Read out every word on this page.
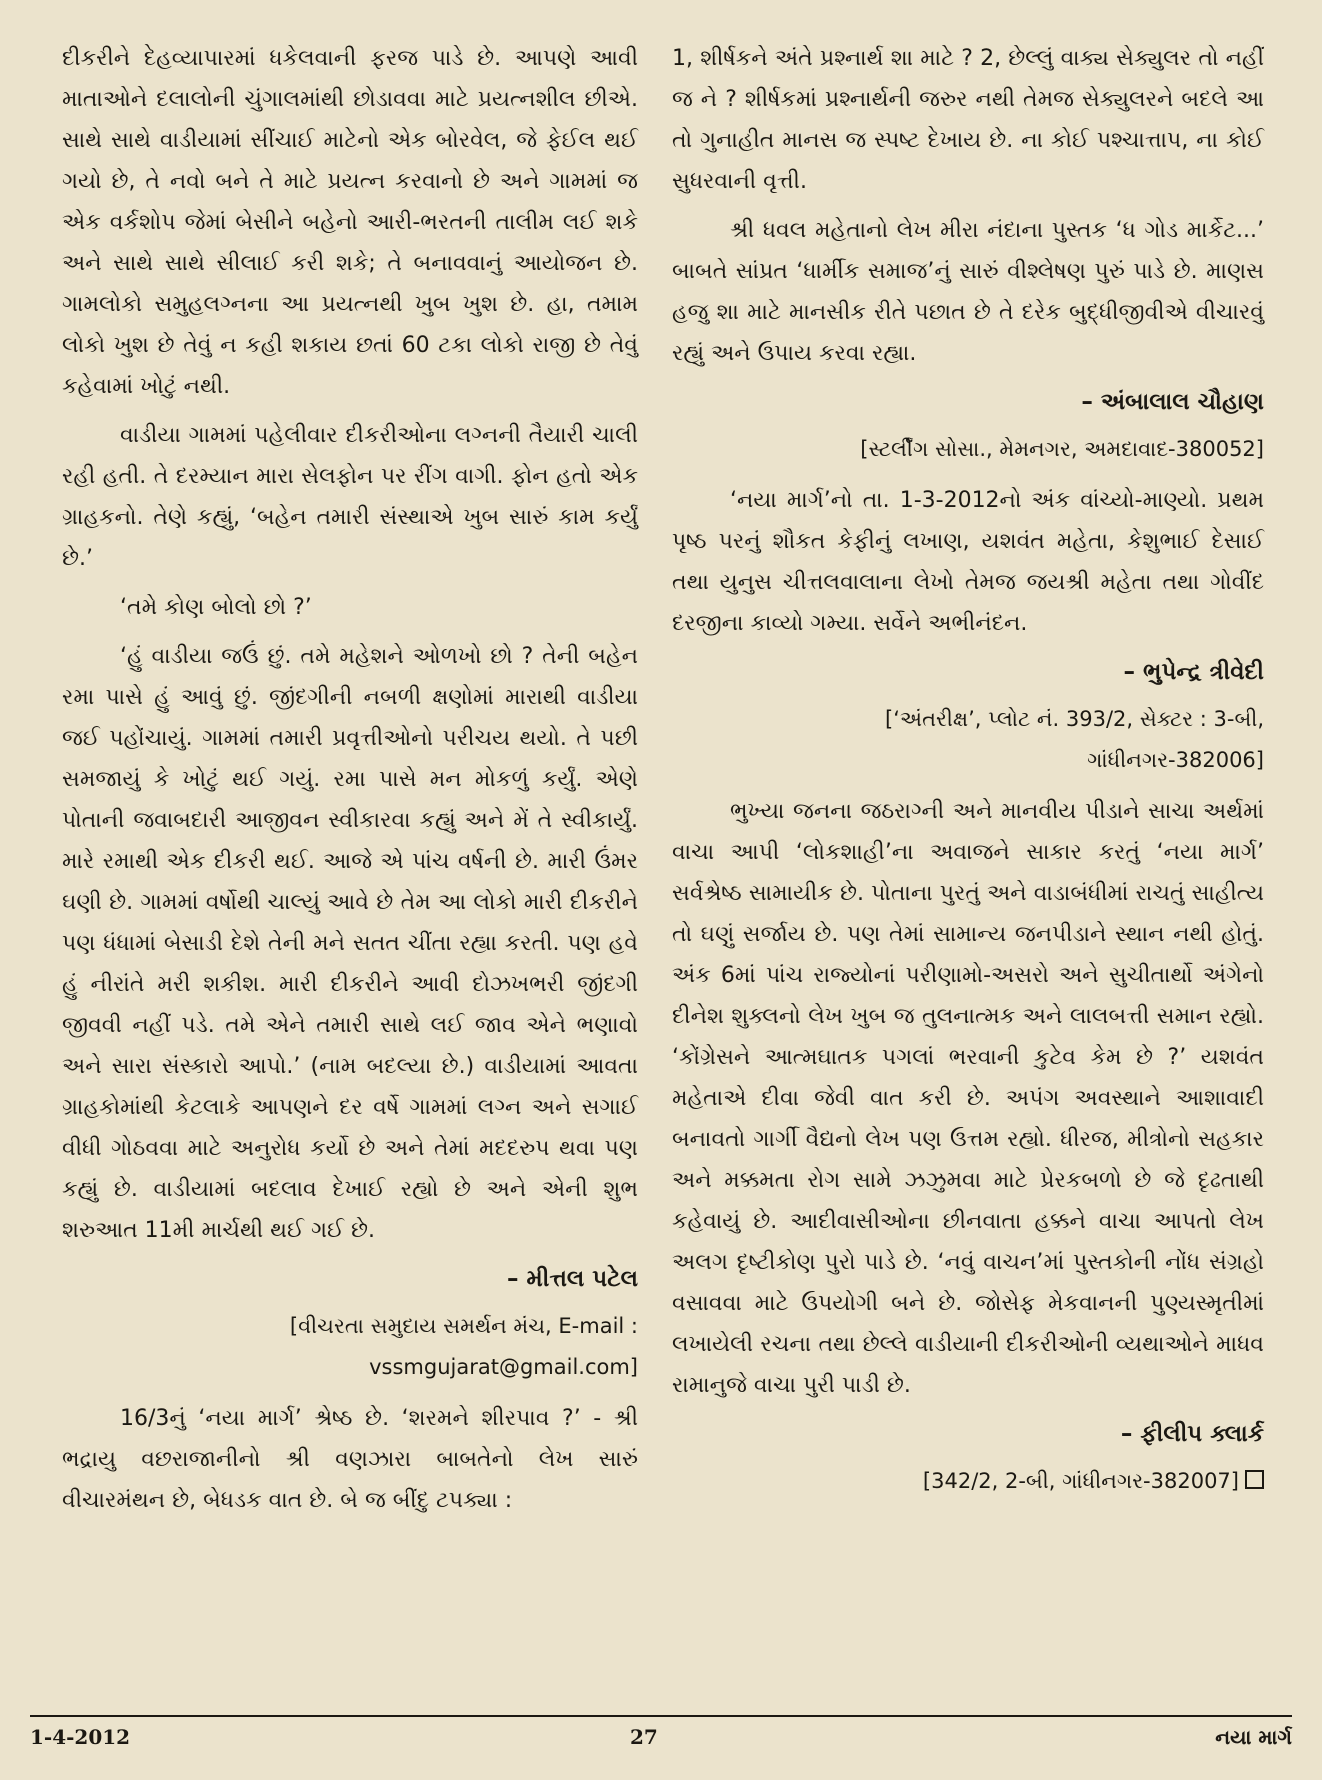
દીકરીને દેહવ્યાપારમાં ધકેલવાની ફરજ પાડે છે. આપણે આવી માતાઓને દલાલોની ચુંગાલમાંથી છોડાવવા માટે પ્રયત્નશીલ છીએ. સાથે સાથે વાડીયામાં સીંચાઈ માટેનો એક બોરવેલ, જે ફેઈલ થઈ ગયો છે, તે નવો બને તે માટે પ્રયત્ન કરવાનો છે અને ગામમાં જ એક વર્કશોપ જેમાં બેસીને બહેનો આરી-ભરતની તાલીમ લઈ શકે અને સાથે સાથે સીલાઈ કરી શકે; તે બનાવવાનું આયોજન છે. ગામલોકો સમુહલગ્નના આ પ્રયત્નથી ખુબ ખુશ છે. હા, તમામ લોકો ખુશ છે તેવું ન કહી શકાય છતાં 60 ટકા લોકો રાજી છે તેવું કહેવામાં ખોટું નથી.

વાડીયા ગામમાં પહેલીવાર દીકરીઓના લગ્નની તૈયારી ચાલી રહી હતી. તે દરમ્યાન મારા સેલફોન પર રીંગ વાગી. ફોન હતો એક ગ્રાહકનો. તેણે કહ્યું, ‘બહેન તમારી સંસ્થાએ ખુબ સારું કામ કર્યું છે.’

‘તમે કોણ બોલો છો ?’

‘હું વાડીયા જઉં છું. તમે મહેશને ઓળખો છો ? તેની બહેન રમા પાસે હું આવું છું. જીંદગીની નબળી ક્ષણોમાં મારાથી વાડીયા જઈ પહોંચાયું. ગામમાં તમારી પ્રવૃત્તીઓનો પરીચય થયો. તે પછી સમજાયું કે ખોટું થઈ ગયું. રમા પાસે મન મોકળું કર્યું. એણે પોતાની જવાબદારી આજીવન સ્વીકારવા કહ્યું અને મેં તે સ્વીકાર્યું. મારે રમાથી એક દીકરી થઈ. આજે એ પાંચ વર્ષની છે. મારી ઉંમર ઘણી છે. ગામમાં વર્ષોથી ચાલ્યું આવે છે તેમ આ લોકો મારી દીકરીને પણ ધંધામાં બેસાડી દેશે તેની મને સતત ચીંતા રહ્યા કરતી. પણ હવે હું નીરાંતે મરી શકીશ. મારી દીકરીને આવી દોઝખભરી જીંદગી જીવવી નહીં પડે. તમે એને તમારી સાથે લઈ જાવ એને ભણાવો અને સારા સંસ્કારો આપો.’ (નામ બદલ્યા છે.) વાડીયામાં આવતા ગ્રાહકોમાંથી કેટલાકે આપણને દર વર્ષે ગામમાં લગ્ન અને સગાઈ વીધી ગોઠવવા માટે અનુરોધ કર્યો છે અને તેમાં મદદરુપ થવા પણ કહ્યું છે. વાડીયામાં બદલાવ દેખાઈ રહ્યો છે અને એની શુભ શરુઆત 11મી માર્ચથી થઈ ગઈ છે.

– મીત્તલ પટેલ
[વીચરતા સમુદાય સમર્થન મંચ, E-mail :
vssmgujarat@gmail.com]

16/3નું ‘નયા માર્ગ’ શ્રેષ્ઠ છે. ‘શરમને શીરપાવ ?’ - શ્રી ભદ્રાયુ વછરાજાનીનો શ્રી વણઝારા બાબતેનો લેખ સારું વીચારમંથન છે, બેધડક વાત છે. બે જ બીંદુ ટપક્યા :

1, શીર્ષકને અંતે પ્રશ્નાર્થ શા માટે ? 2, છેલ્લું વાક્ય સેક્યુલર તો નહીં જ ને ? શીર્ષકમાં પ્રશ્નાર્થની જરુર નથી તેમજ સેક્યુલરને બદલે આ તો ગુનાહીત માનસ જ સ્પષ્ટ દેખાય છે. ના કોઈ પશ્ચાત્તાપ, ના કોઈ સુધરવાની વૃત્તી.

શ્રી ધવલ મહેતાનો લેખ મીરા નંદાના પુસ્તક ‘ધ ગોડ માર્કેટ...’ બાબતે સાંપ્રત ‘ધાર્મીક સમાજ’નું સારું વીશ્લેષણ પુરું પાડે છે. માણસ હજુ શા માટે માનસીક રીતે પછાત છે તે દરેક બુદ્ધીજીવીએ વીચારવું રહ્યું અને ઉપાય કરવા રહ્યા.

– અંબાલાલ ચૌહાણ
[સ્ટર્લીંગ સોસા., મેમનગર, અમદાવાદ-380052]

‘નયા માર્ગ’નો તા. 1-3-2012નો અંક વાંચ્યો-માણ્યો. પ્રથમ પૃષ્ઠ પરનું શૌકત કેફીનું લખાણ, યશવંત મહેતા, કેશુભાઈ દેસાઈ તથા યુનુસ ચીત્તલવાલાના લેખો તેમજ જયશ્રી મહેતા તથા ગોવીંદ દરજીના કાવ્યો ગમ્યા. સર્વેને અભીનંદન.

– ભુપેન્દ્ર ત્રીવેદી
[‘અંતરીક્ષ’, પ્લોટ નં. 393/2, સેક્ટર : 3-બી,
ગાંધીનગર-382006]

ભુખ્યા જનના જઠરાગ્ની અને માનવીય પીડાને સાચા અર્થમાં વાચા આપી ‘લોકશાહી’ના અવાજને સાકાર કરતું ‘નયા માર્ગ’ સર્વશ્રેષ્ઠ સામાયીક છે. પોતાના પુરતું અને વાડાબંધીમાં રાચતું સાહીત્ય તો ઘણું સર્જાય છે. પણ તેમાં સામાન્ય જનપીડાને સ્થાન નથી હોતું. અંક 6માં પાંચ રાજ્યોનાં પરીણામો-અસરો અને સુચીતાર્થો અંગેનો દીનેશ શુક્લનો લેખ ખુબ જ તુલનાત્મક અને લાલબત્તી સમાન રહ્યો. ‘કોંગ્રેસને આત્મઘાતક પગલાં ભરવાની કુટેવ કેમ છે ?’ યશવંત મહેતાએ દીવા જેવી વાત કરી છે. અપંગ અવસ્થાને આશાવાદી બનાવતો ગાર્ગી વૈદ્યનો લેખ પણ ઉત્તમ રહ્યો. ધીરજ, મીત્રોનો સહકાર અને મક્કમતા રોગ સામે ઝઝુમવા માટે પ્રેરકબળો છે જે દૃઢતાથી કહેવાયું છે. આદીવાસીઓના છીનવાતા હક્કને વાચા આપતો લેખ અલગ દૃષ્ટીકોણ પુરો પાડે છે. ‘નવું વાચન’માં પુસ્તકોની નોંધ સંગ્રહો વસાવવા માટે ઉપયોગી બને છે. જોસેફ મેકવાનની પુણ્યસ્મૃતીમાં લખાયેલી રચના તથા છેલ્લે વાડીયાની દીકરીઓની વ્યથાઓને માધવ રામાનુજે વાચા પુરી પાડી છે.

– ફીલીપ ક્લાર્ક
[342/2, 2-બી, ગાંધીનગર-382007]
1-4-2012	27	નયા માર્ગ
